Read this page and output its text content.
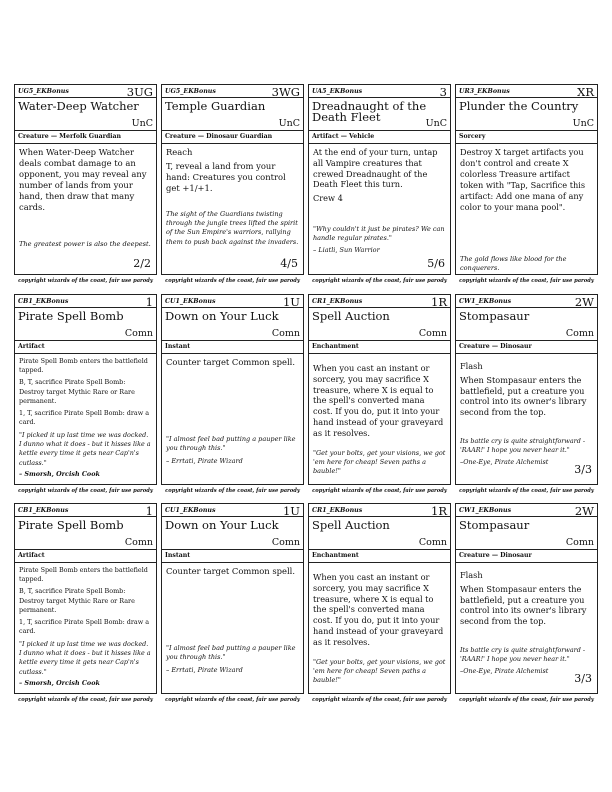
UG5_EKBonus	3UG
Water-Deep Watcher
UnC
Creature — Merfolk Guardian

When Water-Deep Watcher deals combat damage to an opponent, you may reveal any number of lands from your hand, then draw that many cards.

The greatest power is also the deepest.
2/2
UG5_EKBonus	3WG
Temple Guardian
UnC
Creature — Dinosaur Guardian

Reach

T, reveal a land from your hand: Creatures you control get +1/+1.

The sight of the Guardians twisting through the jungle trees lifted the spirit of the Sun Empire's warriors, rallying them to push back against the invaders.
4/5
UA5_EKBonus	3
Dreadnaught of the Death Fleet	UnC
Artifact — Vehicle

At the end of your turn, untap all Vampire creatures that crewed Dreadnaught of the Death Fleet this turn.

Crew 4

"Why couldn't it just be pirates? We can handle regular pirates."
– Liatli, Sun Warrior
5/6
UR3_EKBonus	XR
Plunder the Country
UnC
Sorcery

Destroy X target artifacts you don't control and create X colorless Treasure artifact token with "Tap, Sacrifice this artifact: Add one mana of any color to your mana pool".

The gold flows like blood for the conquerers.
CB1_EKBonus	1
Pirate Spell Bomb
Comn
Artifact

Pirate Spell Bomb enters the battlefield tapped.

B, T, sacrifice Pirate Spell Bomb: Destroy target Mythic Rare or Rare permanent.

1, T, sacrifice Pirate Spell Bomb: draw a card.

"I picked it up last time we was docked. I dunno what it does - but it hisses like a kettle every time it gets near Cap'n's cutlass."
– Smorsh, Orcish Cook
CU1_EKBonus	1U
Down on Your Luck
Comn
Instant

Counter target Common spell.

"I almost feel bad putting a pauper like you through this."
– Errtati, Pirate Wizard
CR1_EKBonus	1R
Spell Auction
Comn
Enchantment

When you cast an instant or sorcery, you may sacrifice X treasure, where X is equal to the spell's converted mana cost. If you do, put it into your hand instead of your graveyard as it resolves.

"Get your bolts, get your visions, we got 'em here for cheap! Seven paths a bauble!"
CW1_EKBonus	2W
Stompasaur
Comn
Creature — Dinosaur

Flash

When Stompasaur enters the battlefield, put a creature you control into its owner's library second from the top.

Its battle cry is quite straightforward - 'RAAR!' I hope you never hear it."
–One-Eye, Pirate Alchemist
3/3
CB1_EKBonus	1
Pirate Spell Bomb
Comn
Artifact

Pirate Spell Bomb enters the battlefield tapped.

B, T, sacrifice Pirate Spell Bomb: Destroy target Mythic Rare or Rare permanent.

1, T, sacrifice Pirate Spell Bomb: draw a card.

"I picked it up last time we was docked. I dunno what it does - but it hisses like a kettle every time it gets near Cap'n's cutlass."
– Smorsh, Orcish Cook
CU1_EKBonus	1U
Down on Your Luck
Comn
Instant

Counter target Common spell.

"I almost feel bad putting a pauper like you through this."
– Errtati, Pirate Wizard
CR1_EKBonus	1R
Spell Auction
Comn
Enchantment

When you cast an instant or sorcery, you may sacrifice X treasure, where X is equal to the spell's converted mana cost. If you do, put it into your hand instead of your graveyard as it resolves.

"Get your bolts, get your visions, we got 'em here for cheap! Seven paths a bauble!"
CW1_EKBonus	2W
Stompasaur
Comn
Creature — Dinosaur

Flash

When Stompasaur enters the battlefield, put a creature you control into its owner's library second from the top.

Its battle cry is quite straightforward - 'RAAR!' I hope you never hear it."
–One-Eye, Pirate Alchemist
3/3
copyright wizards of the coast, fair use parody	copyright wizards of the coast, fair use parody	copyright wizards of the coast, fair use parody	copyright wizards of the coast, fair use parody
copyright wizards of the coast, fair use parody	copyright wizards of the coast, fair use parody	copyright wizards of the coast, fair use parody	copyright wizards of the coast, fair use parody
copyright wizards of the coast, fair use parody	copyright wizards of the coast, fair use parody	copyright wizards of the coast, fair use parody	copyright wizards of the coast, fair use parody
